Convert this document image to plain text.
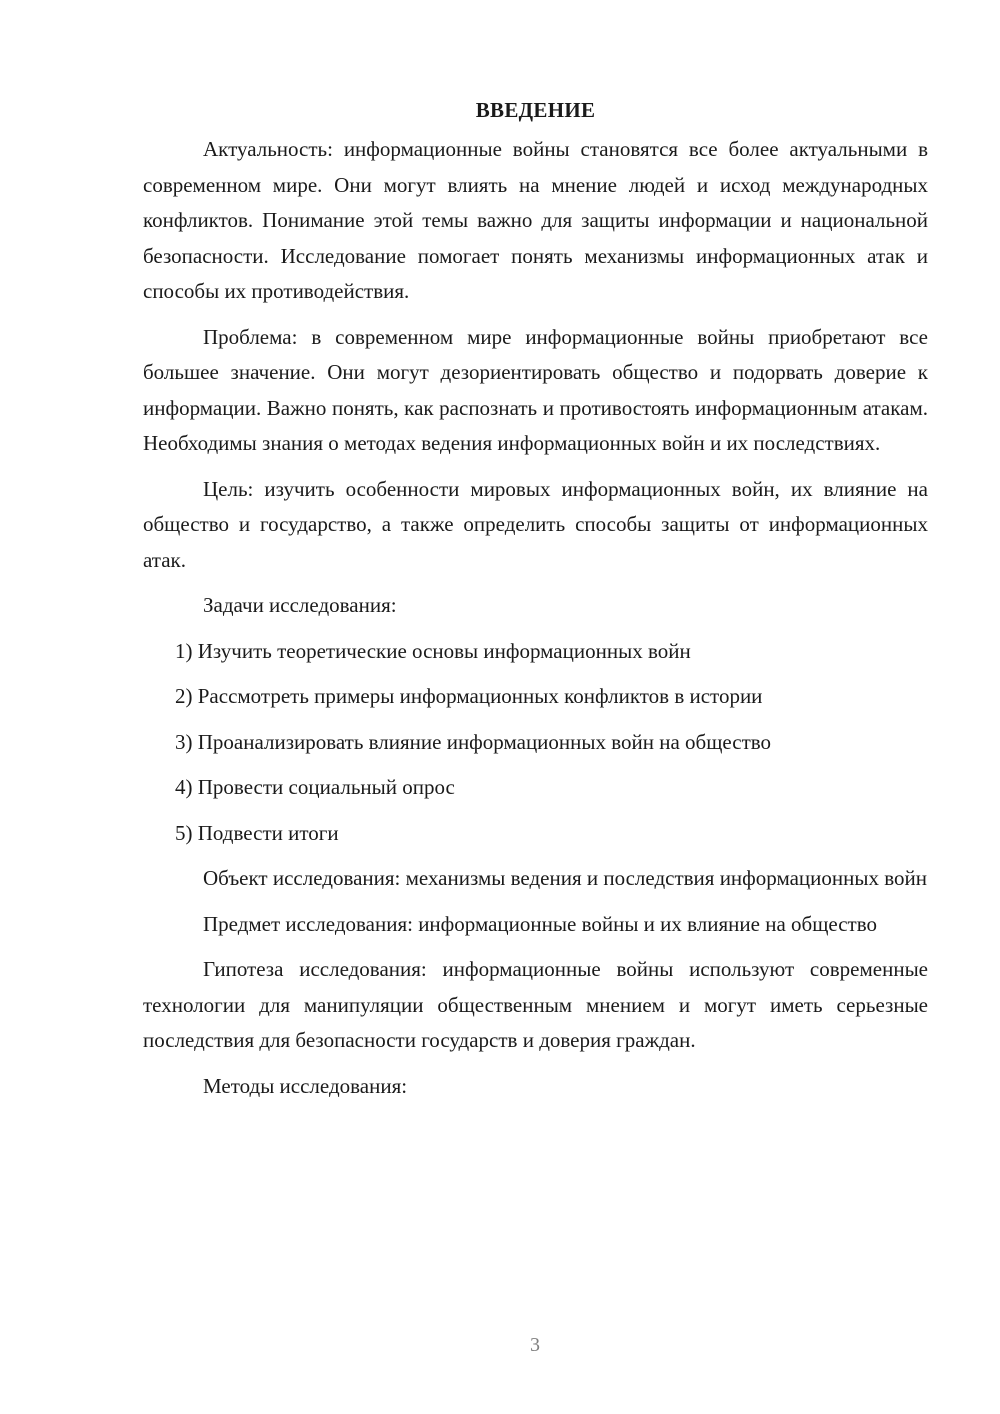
ВВЕДЕНИЕ

Актуальность: информационные войны становятся все более актуальными в современном мире. Они могут влиять на мнение людей и исход международных конфликтов. Понимание этой темы важно для защиты информации и национальной безопасности. Исследование помогает понять механизмы информационных атак и способы их противодействия.

Проблема: в современном мире информационные войны приобретают все большее значение. Они могут дезориентировать общество и подорвать доверие к информации. Важно понять, как распознать и противостоять информационным атакам. Необходимы знания о методах ведения информационных войн и их последствиях.

Цель: изучить особенности мировых информационных войн, их влияние на общество и государство, а также определить способы защиты от информационных атак.

Задачи исследования:

1) Изучить теоретические основы информационных войн
2) Рассмотреть примеры информационных конфликтов в истории
3) Проанализировать влияние информационных войн на общество
4) Провести социальный опрос
5) Подвести итоги

Объект исследования: механизмы ведения и последствия информационных войн

Предмет исследования: информационные войны и их влияние на общество

Гипотеза исследования: информационные войны используют современные технологии для манипуляции общественным мнением и могут иметь серьезные последствия для безопасности государств и доверия граждан.

Методы исследования:

3
